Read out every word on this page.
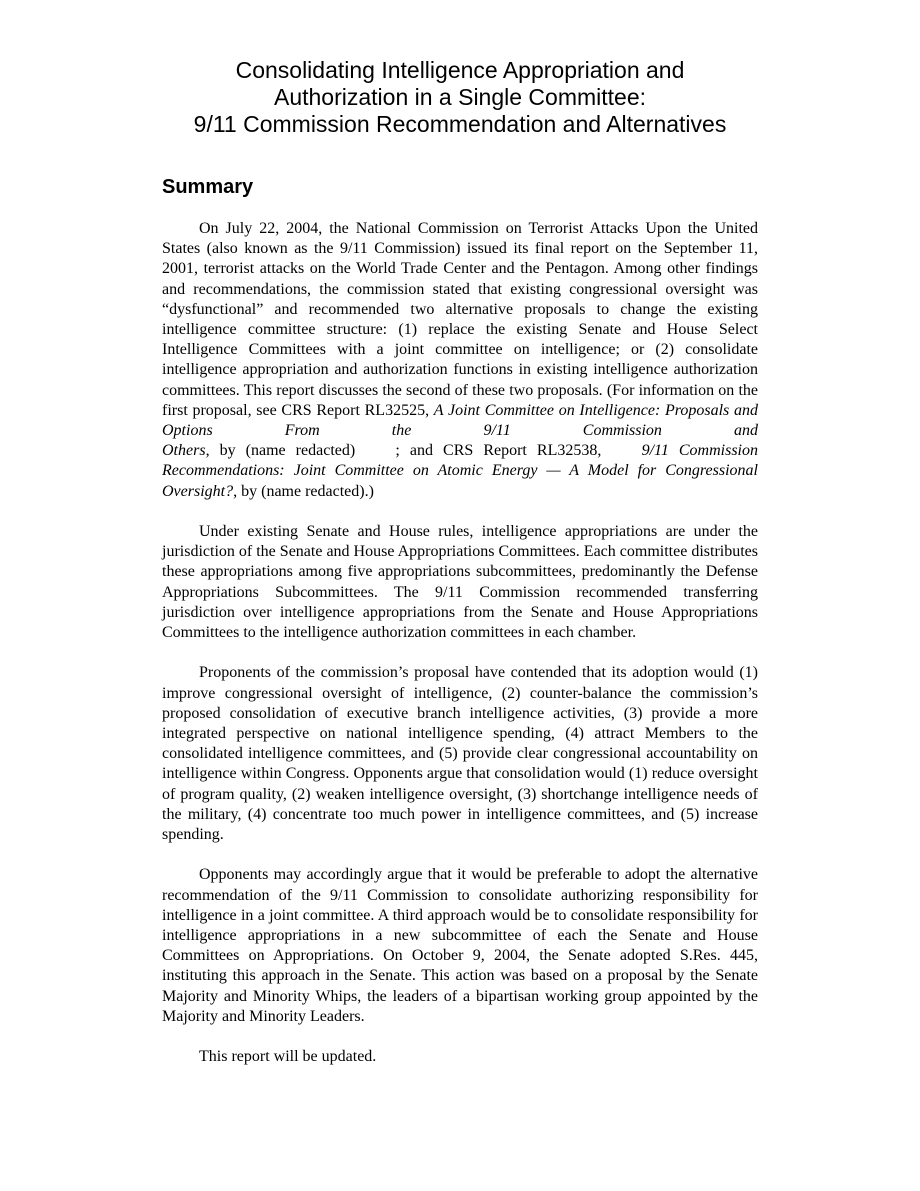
Consolidating Intelligence Appropriation and
Authorization in a Single Committee:
9/11 Commission Recommendation and Alternatives
Summary

On July 22, 2004, the National Commission on Terrorist Attacks Upon the United States (also known as the 9/11 Commission) issued its final report on the September 11, 2001, terrorist attacks on the World Trade Center and the Pentagon. Among other findings and recommendations, the commission stated that existing congressional oversight was “dysfunctional” and recommended two alternative proposals to change the existing intelligence committee structure: (1) replace the existing Senate and House Select Intelligence Committees with a joint committee on intelligence; or (2) consolidate intelligence appropriation and authorization functions in existing intelligence authorization committees. This report discusses the second of these two proposals. (For information on the first proposal, see CRS Report RL32525, A Joint Committee on Intelligence: Proposals and Options From the 9/11 Commission and Others, by (name redacted)    ; and CRS Report RL32538,    9/11 Commission Recommendations: Joint Committee on Atomic Energy — A Model for Congressional Oversight?, by (name redacted).)

Under existing Senate and House rules, intelligence appropriations are under the jurisdiction of the Senate and House Appropriations Committees. Each committee distributes these appropriations among five appropriations subcommittees, predominantly the Defense Appropriations Subcommittees. The 9/11 Commission recommended transferring jurisdiction over intelligence appropriations from the Senate and House Appropriations Committees to the intelligence authorization committees in each chamber.

Proponents of the commission’s proposal have contended that its adoption would (1) improve congressional oversight of intelligence, (2) counter-balance the commission’s proposed consolidation of executive branch intelligence activities, (3) provide a more integrated perspective on national intelligence spending, (4) attract Members to the consolidated intelligence committees, and (5) provide clear congressional accountability on intelligence within Congress. Opponents argue that consolidation would (1) reduce oversight of program quality, (2) weaken intelligence oversight, (3) shortchange intelligence needs of the military, (4) concentrate too much power in intelligence committees, and (5) increase spending.

Opponents may accordingly argue that it would be preferable to adopt the alternative recommendation of the 9/11 Commission to consolidate authorizing responsibility for intelligence in a joint committee. A third approach would be to consolidate responsibility for intelligence appropriations in a new subcommittee of each the Senate and House Committees on Appropriations. On October 9, 2004, the Senate adopted S.Res. 445, instituting this approach in the Senate. This action was based on a proposal by the Senate Majority and Minority Whips, the leaders of a bipartisan working group appointed by the Majority and Minority Leaders.

This report will be updated.
